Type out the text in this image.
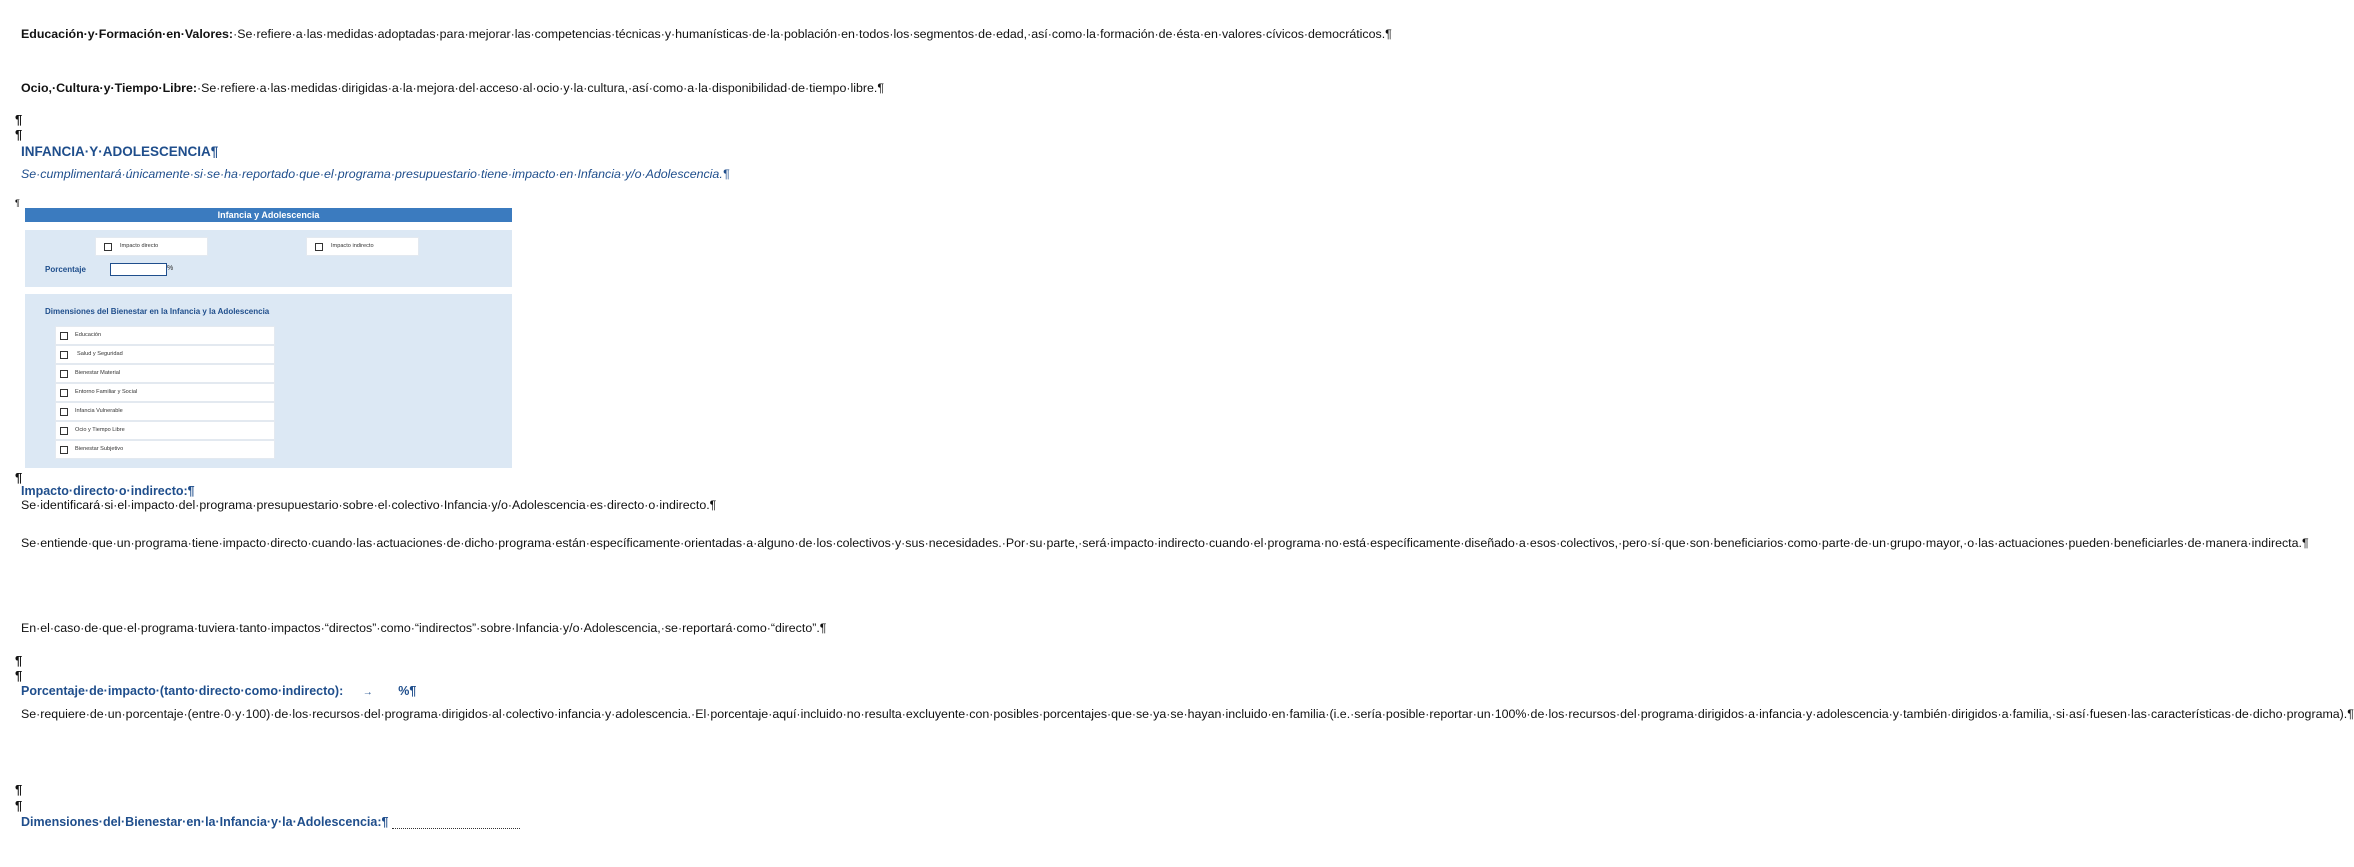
Educación·y·Formación·en·Valores:·Se·refiere·a·las·medidas·adoptadas·para·mejorar·las·competencias·técnicas·y·humanísticas·de·la·población·en·todos·los·segmentos·de·edad,·así·como·la·formación·de·ésta·en·valores·cívicos·democráticos.¶

Ocio,·Cultura·y·Tiempo·Libre:·Se·refiere·a·las·medidas·dirigidas·a·la·mejora·del·acceso·al·ocio·y·la·cultura,·así·como·a·la·disponibilidad·de·tiempo·libre.¶

¶
¶
INFANCIA·Y·ADOLESCENCIA¶

Se·cumplimentará·únicamente·si·se·ha·reportado·que·el·programa·presupuestario·tiene·impacto·en·Infancia·y/o·Adolescencia.¶

¶
Infancia y Adolescencia
Impacto directo	Impacto indirecto
Porcentaje	%
Dimensiones del Bienestar en la Infancia y la Adolescencia
Educación
Salud y Seguridad
Bienestar Material
Entorno Familiar y Social
Infancia Vulnerable
Ocio y Tiempo Libre
Bienestar Subjetivo
¶
Impacto·directo·o·indirecto:¶

Se·identificará·si·el·impacto·del·programa·presupuestario·sobre·el·colectivo·Infancia·y/o·Adolescencia·es·directo·o·indirecto.¶

Se·entiende·que·un·programa·tiene·impacto·directo·cuando·las·actuaciones·de·dicho·programa·están·específicamente·orientadas·a·alguno·de·los·colectivos·y·sus·necesidades.·Por·su·parte,·será·impacto·indirecto·cuando·el·programa·no·está·específicamente·diseñado·a·esos·colectivos,·pero·sí·que·son·beneficiarios·como·parte·de·un·grupo·mayor,·o·las·actuaciones·pueden·beneficiarles·de·manera·indirecta.¶

En·el·caso·de·que·el·programa·tuviera·tanto·impactos·“directos”·como·“indirectos”·sobre·Infancia·y/o·Adolescencia,·se·reportará·como·“directo”.¶

¶
¶
Porcentaje·de·impacto·(tanto·directo·como·indirecto): → %¶

Se·requiere·de·un·porcentaje·(entre·0·y·100)·de·los·recursos·del·programa·dirigidos·al·colectivo·infancia·y·adolescencia.·El·porcentaje·aquí·incluido·no·resulta·excluyente·con·posibles·porcentajes·que·se·ya·se·hayan·incluido·en·familia·(i.e.·sería·posible·reportar·un·100%·de·los·recursos·del·programa·dirigidos·a·infancia·y·adolescencia·y·también·dirigidos·a·familia,·si·así·fuesen·las·características·de·dicho·programa).¶

¶
¶
Dimensiones·del·Bienestar·en·la·Infancia·y·la·Adolescencia:¶
